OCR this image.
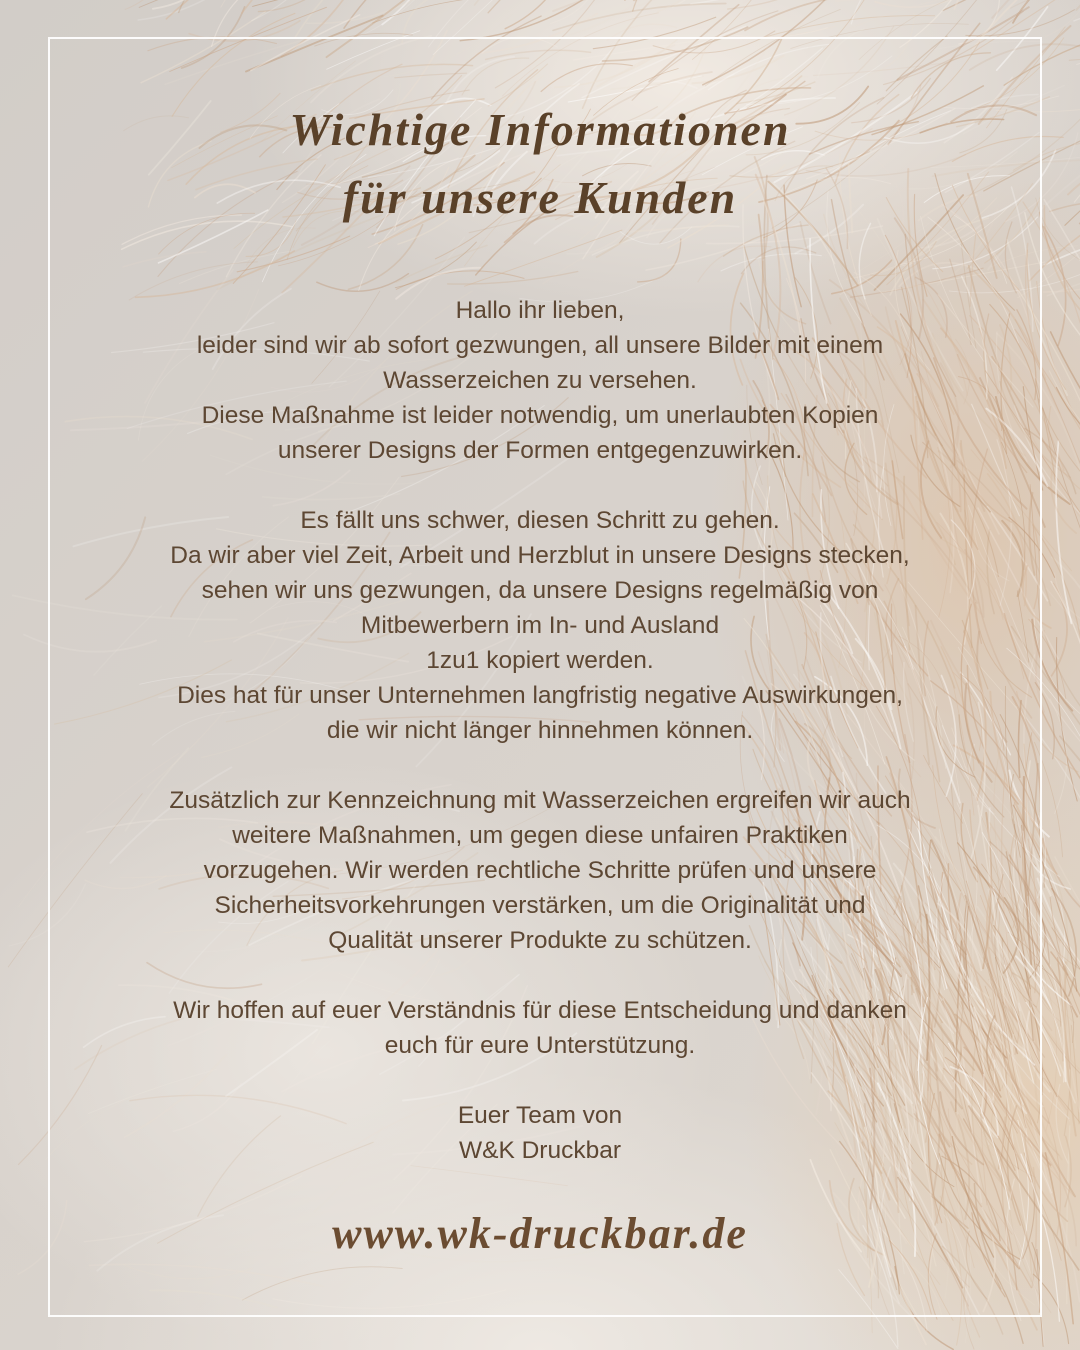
Wichtige Informationen
für unsere Kunden

Hallo ihr lieben,
leider sind wir ab sofort gezwungen, all unsere Bilder mit einem
Wasserzeichen zu versehen.
Diese Maßnahme ist leider notwendig, um unerlaubten Kopien
unserer Designs der Formen entgegenzuwirken.

Es fällt uns schwer, diesen Schritt zu gehen.
Da wir aber viel Zeit, Arbeit und Herzblut in unsere Designs stecken,
sehen wir uns gezwungen, da unsere Designs regelmäßig von
Mitbewerbern im In- und Ausland
1zu1 kopiert werden.
Dies hat für unser Unternehmen langfristig negative Auswirkungen,
die wir nicht länger hinnehmen können.

Zusätzlich zur Kennzeichnung mit Wasserzeichen ergreifen wir auch
weitere Maßnahmen, um gegen diese unfairen Praktiken
vorzugehen. Wir werden rechtliche Schritte prüfen und unsere
Sicherheitsvorkehrungen verstärken, um die Originalität und
Qualität unserer Produkte zu schützen.

Wir hoffen auf euer Verständnis für diese Entscheidung und danken
euch für eure Unterstützung.

Euer Team von
W&K Druckbar

www.wk-druckbar.de
